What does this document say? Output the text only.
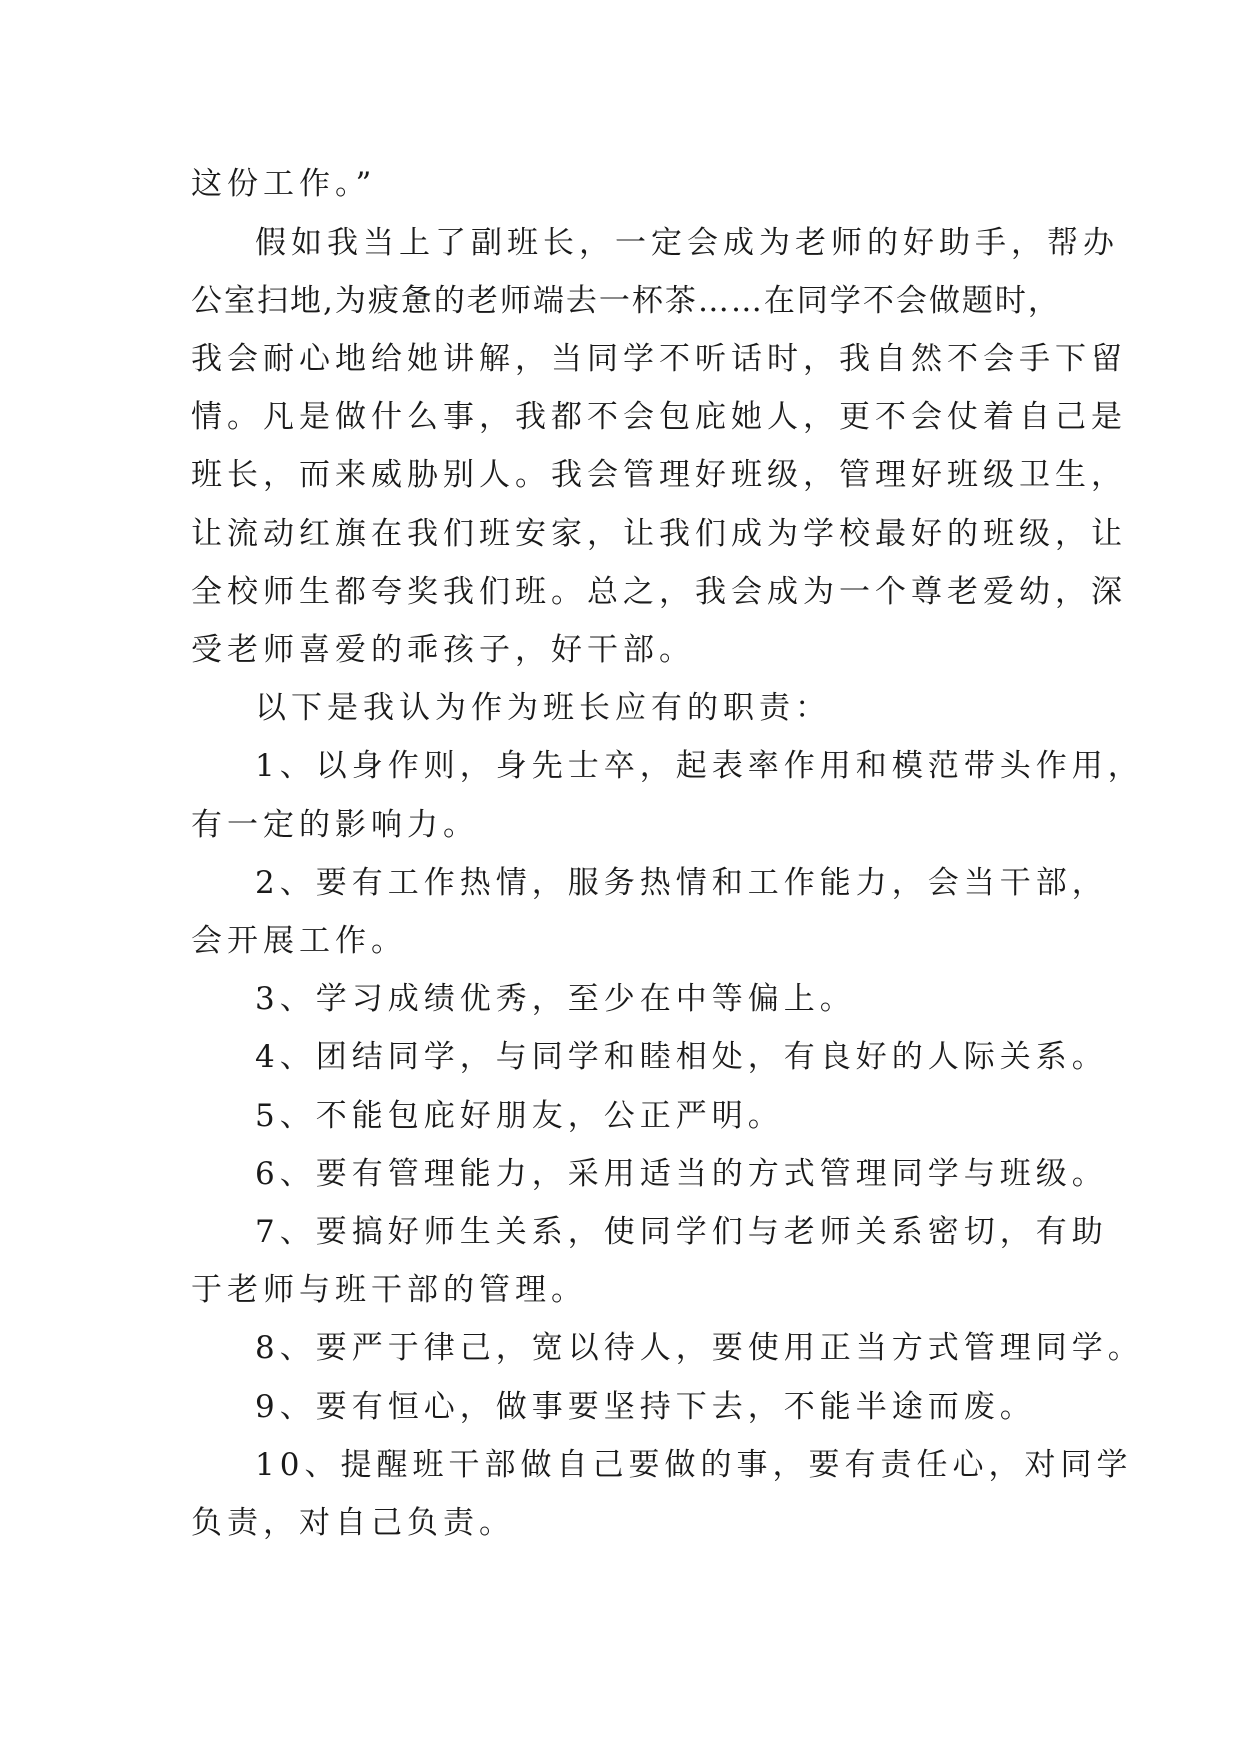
这份工作。”

假如我当上了副班长，一定会成为老师的好助手，帮办

公室扫地,为疲惫的老师端去一杯茶……在同学不会做题时，

我会耐心地给她讲解，当同学不听话时，我自然不会手下留

情。凡是做什么事，我都不会包庇她人，更不会仗着自己是

班长，而来威胁别人。我会管理好班级，管理好班级卫生，

让流动红旗在我们班安家，让我们成为学校最好的班级，让

全校师生都夸奖我们班。总之，我会成为一个尊老爱幼，深

受老师喜爱的乖孩子，好干部。

以下是我认为作为班长应有的职责：

1、以身作则，身先士卒，起表率作用和模范带头作用，

有一定的影响力。

2、要有工作热情，服务热情和工作能力，会当干部，

会开展工作。

3、学习成绩优秀，至少在中等偏上。

4、团结同学，与同学和睦相处，有良好的人际关系。

5、不能包庇好朋友，公正严明。

6、要有管理能力，采用适当的方式管理同学与班级。

7、要搞好师生关系，使同学们与老师关系密切，有助

于老师与班干部的管理。

8、要严于律己，宽以待人，要使用正当方式管理同学。

9、要有恒心，做事要坚持下去，不能半途而废。

10、提醒班干部做自己要做的事，要有责任心，对同学

负责，对自己负责。
